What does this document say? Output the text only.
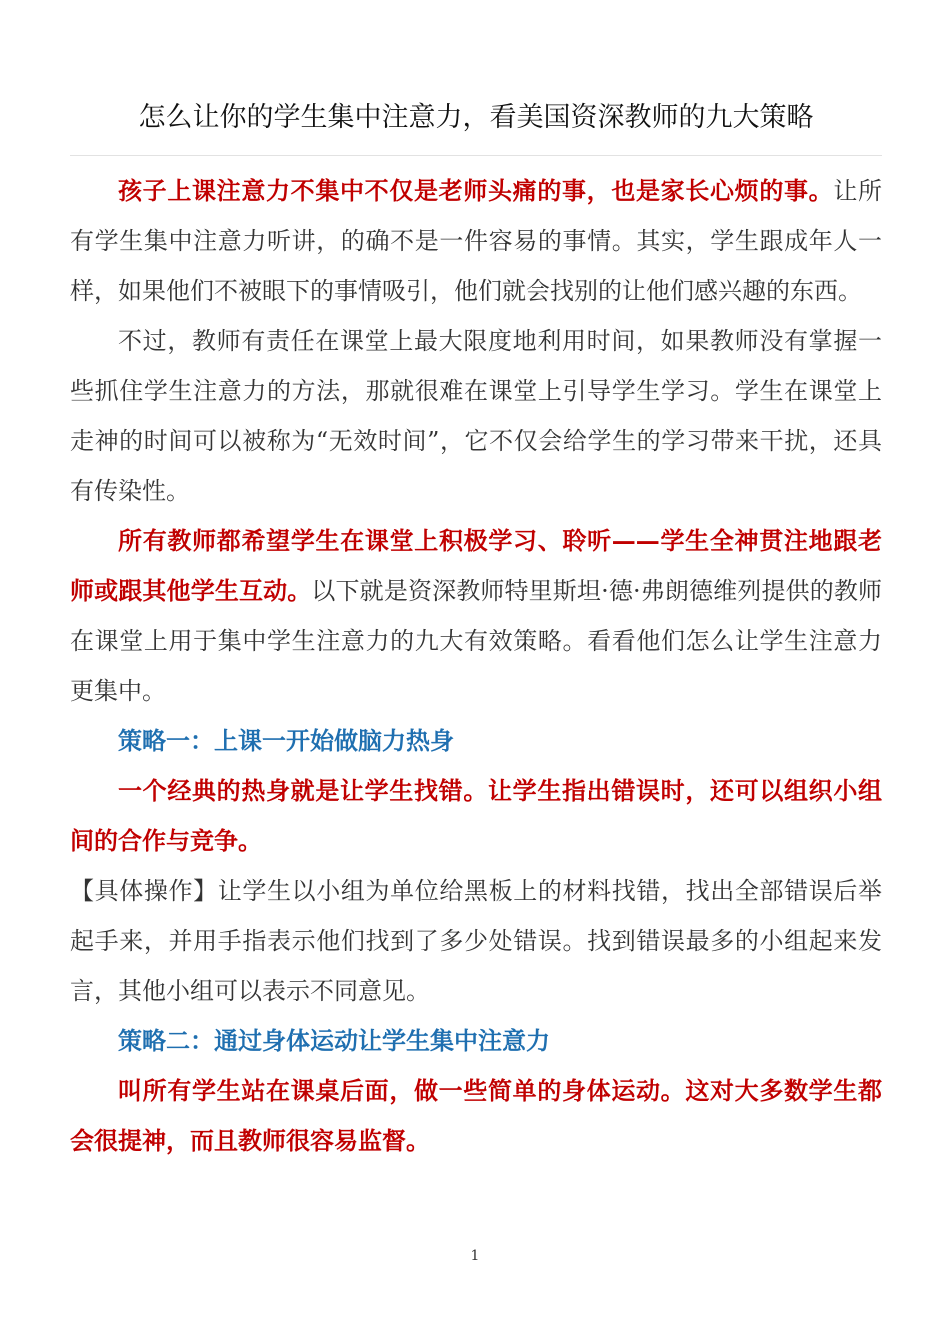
怎么让你的学生集中注意力，看美国资深教师的九大策略

孩子上课注意力不集中不仅是老师头痛的事，也是家长心烦的事。让所有学生集中注意力听讲，的确不是一件容易的事情。其实，学生跟成年人一样，如果他们不被眼下的事情吸引，他们就会找别的让他们感兴趣的东西。

不过，教师有责任在课堂上最大限度地利用时间，如果教师没有掌握一些抓住学生注意力的方法，那就很难在课堂上引导学生学习。学生在课堂上走神的时间可以被称为“无效时间”，它不仅会给学生的学习带来干扰，还具有传染性。

所有教师都希望学生在课堂上积极学习、聆听——学生全神贯注地跟老师或跟其他学生互动。以下就是资深教师特里斯坦·德·弗朗德维列提供的教师在课堂上用于集中学生注意力的九大有效策略。看看他们怎么让学生注意力更集中。

策略一：上课一开始做脑力热身

一个经典的热身就是让学生找错。让学生指出错误时，还可以组织小组间的合作与竞争。

【具体操作】让学生以小组为单位给黑板上的材料找错，找出全部错误后举起手来，并用手指表示他们找到了多少处错误。找到错误最多的小组起来发言，其他小组可以表示不同意见。

策略二：通过身体运动让学生集中注意力

叫所有学生站在课桌后面，做一些简单的身体运动。这对大多数学生都会很提神，而且教师很容易监督。

1
